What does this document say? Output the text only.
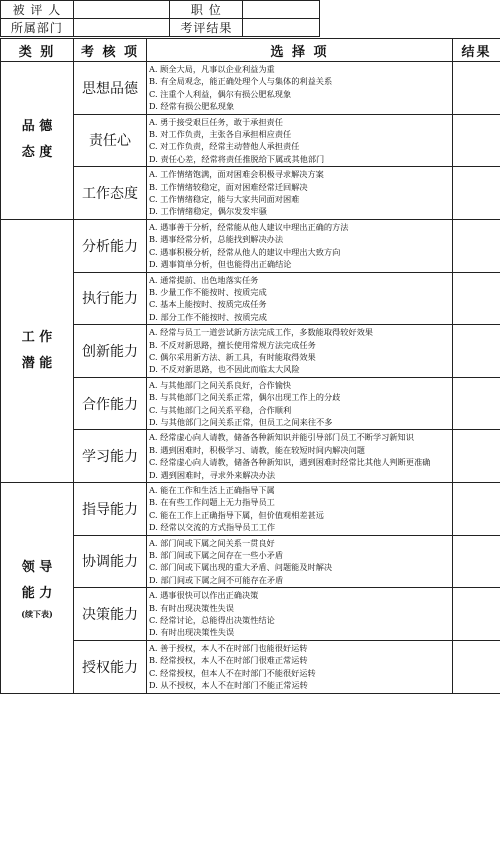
被 评 人		职 位	
所属部门		考评结果	
类 别	考 核 项	选 择 项	结果
品 德
态 度	思想品德	A. 顾全大局，凡事以企业利益为重
B. 有全局观念，能正确处理个人与集体的利益关系
C. 注重个人利益，偶尔有损公肥私现象
D. 经常有损公肥私现象	

	责任心	A. 勇于接受艰巨任务，敢于承担责任
B. 对工作负责，主张各自承担相应责任
C. 对工作负责，经常主动替他人承担责任
D. 责任心差，经常将责任推脱给下属或其他部门	

	工作态度	A. 工作情绪饱满，面对困难会积极寻求解决方案
B. 工作情绪较稳定，面对困难经常迁回解决
C. 工作情绪稳定，能与大家共同面对困难
D. 工作情绪稳定，偶尔发发牢骚	

工 作
潜 能	分析能力	A. 遇事善于分析，经常能从他人建议中理出正确的方法
B. 遇事经常分析，总能找到解决办法
C. 遇事积极分析，经常从他人的建议中理出大致方向
D. 遇事简单分析，但也能得出正确结论	

	执行能力	A. 通常提前、出色地落实任务
B. 少量工作不能按时、按质完成
C. 基本上能按时、按质完成任务
D. 部分工作不能按时、按质完成	

	创新能力	A. 经常与员工一道尝试新方法完成工作，多数能取得较好效果
B. 不反对新思路，擅长使用常规方法完成任务
C. 偶尔采用新方法、新工具，有时能取得效果
D. 不反对新思路，也不因此而临太大风险	

	合作能力	A. 与其他部门之间关系良好，合作愉快
B. 与其他部门之间关系正常，偶尔出现工作上的分歧
C. 与其他部门之间关系平稳，合作顺利
D. 与其他部门之间关系正常，但员工之间来往不多	

	学习能力	A. 经常虚心向人请教，储备各种新知识并能引导部门员工不断学习新知识
B. 遇到困难时，积极学习、请教，能在较短时间内解决问题
C. 经常虚心向人请教，储备各种新知识，遇到困难时经常比其他人判断更准确
D. 遇到困难时，寻求外来解决办法	

领 导
能 力
(续下表)	指导能力	A. 能在工作和生活上正确指导下属
B. 在有些工作问题上无力指导员工
C. 能在工作上正确指导下属，但价值观相差甚远
D. 经常以交流的方式指导员工工作	

	协调能力	A. 部门间或下属之间关系一贯良好
B. 部门间或下属之间存在一些小矛盾
C. 部门间或下属出现的重大矛盾、问题能及时解决
D. 部门间或下属之间不可能存在矛盾	

	决策能力	A. 遇事很快可以作出正确决策
B. 有时出现决策性失误
C. 经常讨论，总能得出决策性结论
D. 有时出现决策性失误	

	授权能力	A. 善于授权，本人不在时部门也能很好运转
B. 经常授权，本人不在时部门很难正常运转
C. 经常授权，但本人不在时部门不能很好运转
D. 从不授权，本人不在时部门不能正常运转	
